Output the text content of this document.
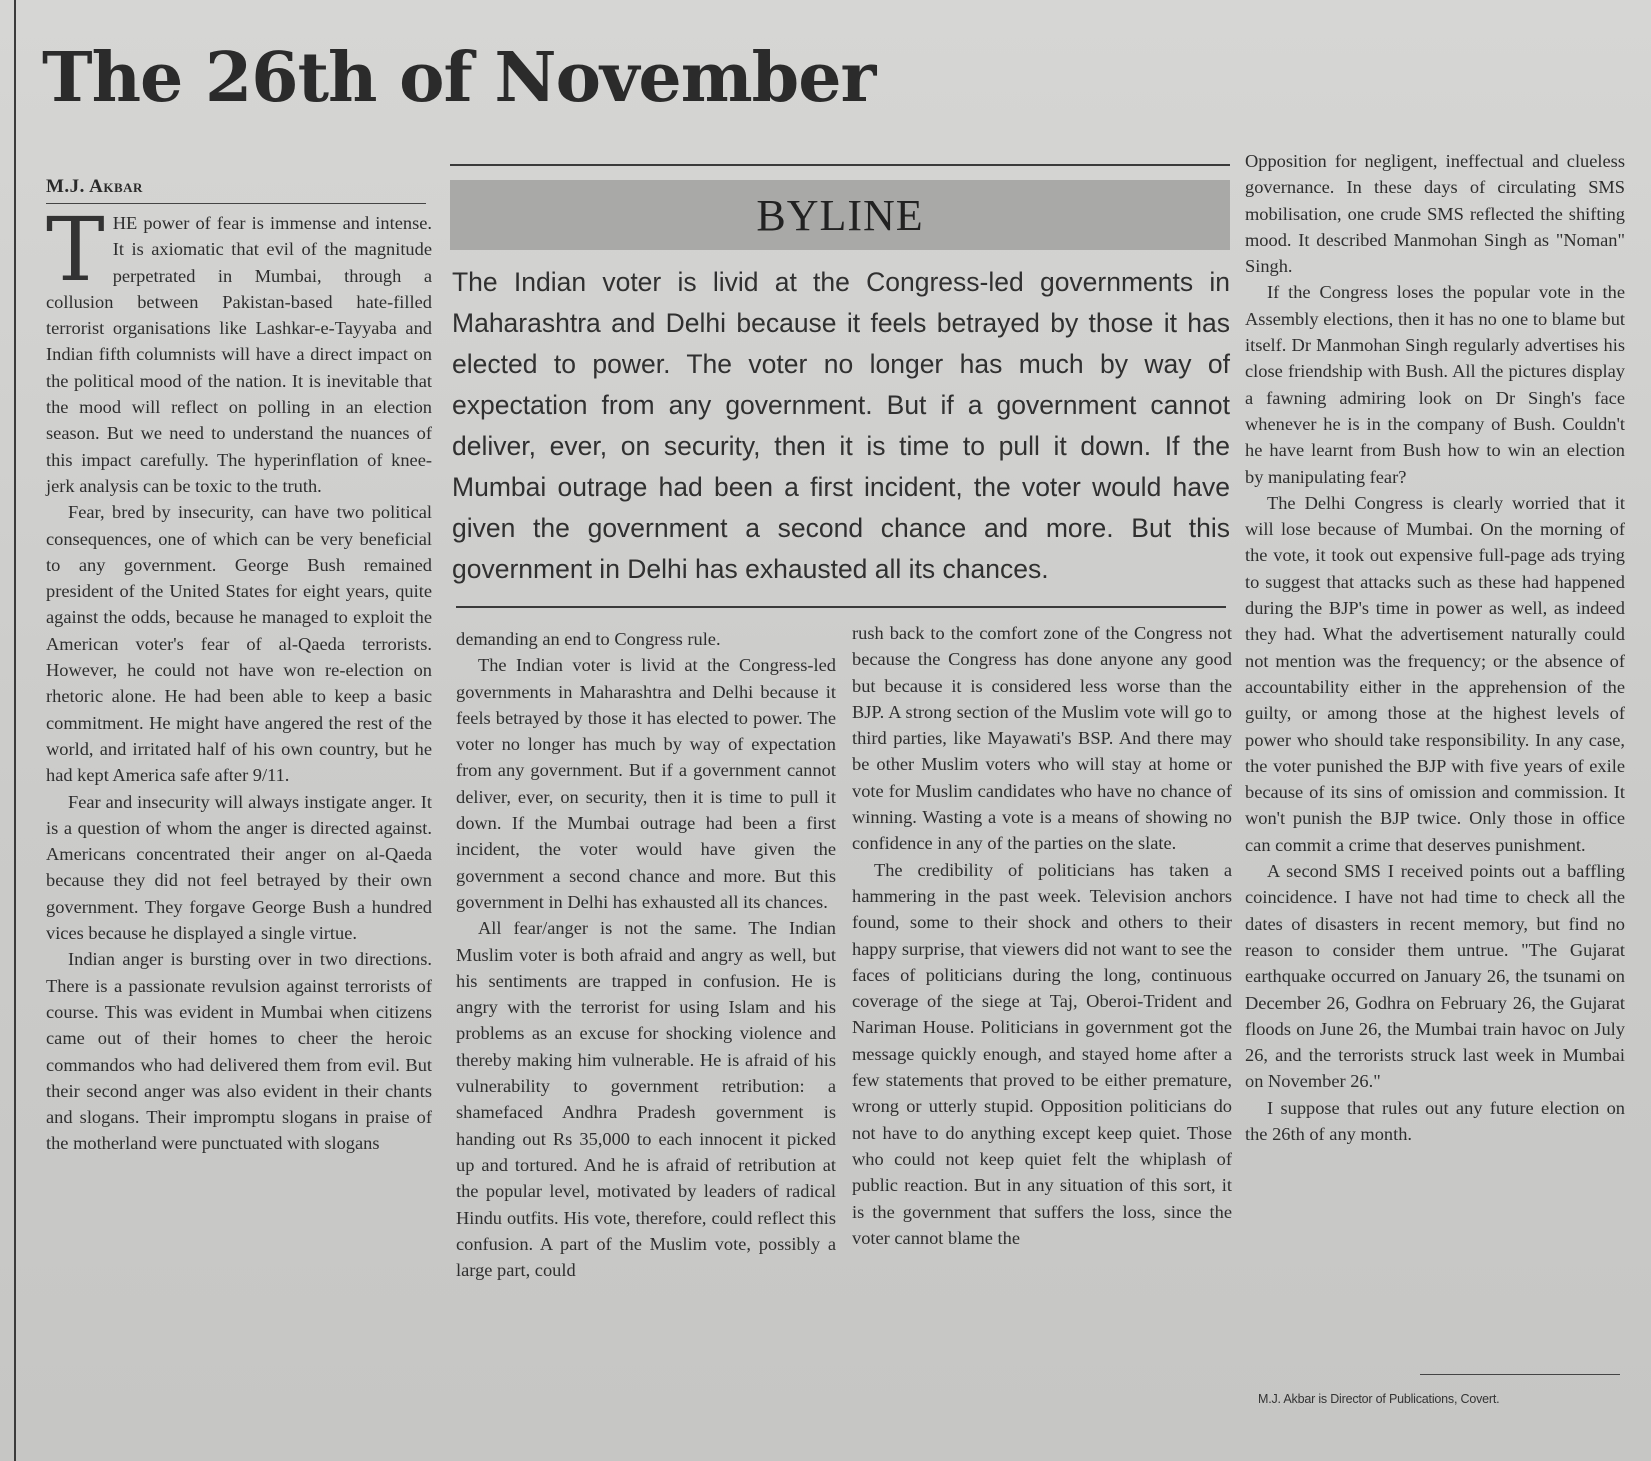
The 26th of November
M.J. Akbar

THE power of fear is immense and intense. It is axiomatic that evil of the magnitude perpetrated in Mumbai, through a collusion between Pakistan-based hate-filled terrorist organisations like Lashkar-e-Tayyaba and Indian fifth columnists will have a direct impact on the political mood of the nation. It is inevitable that the mood will reflect on polling in an election season. But we need to understand the nuances of this impact carefully. The hyperinflation of knee-jerk analysis can be toxic to the truth.

Fear, bred by insecurity, can have two political consequences, one of which can be very beneficial to any government. George Bush remained president of the United States for eight years, quite against the odds, because he managed to exploit the American voter's fear of al-Qaeda terrorists. However, he could not have won re-election on rhetoric alone. He had been able to keep a basic commitment. He might have angered the rest of the world, and irritated half of his own country, but he had kept America safe after 9/11.

Fear and insecurity will always instigate anger. It is a question of whom the anger is directed against. Americans concentrated their anger on al-Qaeda because they did not feel betrayed by their own government. They forgave George Bush a hundred vices because he displayed a single virtue.

Indian anger is bursting over in two directions. There is a passionate revulsion against terrorists of course. This was evident in Mumbai when citizens came out of their homes to cheer the heroic commandos who had delivered them from evil. But their second anger was also evident in their chants and slogans. Their impromptu slogans in praise of the motherland were punctuated with slogans

BYLINE
The Indian voter is livid at the Congress-led governments in Maharashtra and Delhi because it feels betrayed by those it has elected to power. The voter no longer has much by way of expectation from any government. But if a government cannot deliver, ever, on security, then it is time to pull it down. If the Mumbai outrage had been a first incident, the voter would have given the government a second chance and more. But this government in Delhi has exhausted all its chances.

demanding an end to Congress rule.

The Indian voter is livid at the Congress-led governments in Maharashtra and Delhi because it feels betrayed by those it has elected to power. The voter no longer has much by way of expectation from any government. But if a government cannot deliver, ever, on security, then it is time to pull it down. If the Mumbai outrage had been a first incident, the voter would have given the government a second chance and more. But this government in Delhi has exhausted all its chances.

All fear/anger is not the same. The Indian Muslim voter is both afraid and angry as well, but his sentiments are trapped in confusion. He is angry with the terrorist for using Islam and his problems as an excuse for shocking violence and thereby making him vulnerable. He is afraid of his vulnerability to government retribution: a shamefaced Andhra Pradesh government is handing out Rs 35,000 to each innocent it picked up and tortured. And he is afraid of retribution at the popular level, motivated by leaders of radical Hindu outfits. His vote, therefore, could reflect this confusion. A part of the Muslim vote, possibly a large part, could

rush back to the comfort zone of the Congress not because the Congress has done anyone any good but because it is considered less worse than the BJP. A strong section of the Muslim vote will go to third parties, like Mayawati's BSP. And there may be other Muslim voters who will stay at home or vote for Muslim candidates who have no chance of winning. Wasting a vote is a means of showing no confidence in any of the parties on the slate.

The credibility of politicians has taken a hammering in the past week. Television anchors found, some to their shock and others to their happy surprise, that viewers did not want to see the faces of politicians during the long, continuous coverage of the siege at Taj, Oberoi-Trident and Nariman House. Politicians in government got the message quickly enough, and stayed home after a few statements that proved to be either premature, wrong or utterly stupid. Opposition politicians do not have to do anything except keep quiet. Those who could not keep quiet felt the whiplash of public reaction. But in any situation of this sort, it is the government that suffers the loss, since the voter cannot blame the

Opposition for negligent, ineffectual and clueless governance. In these days of circulating SMS mobilisation, one crude SMS reflected the shifting mood. It described Manmohan Singh as "Noman" Singh.

If the Congress loses the popular vote in the Assembly elections, then it has no one to blame but itself. Dr Manmohan Singh regularly advertises his close friendship with Bush. All the pictures display a fawning admiring look on Dr Singh's face whenever he is in the company of Bush. Couldn't he have learnt from Bush how to win an election by manipulating fear?

The Delhi Congress is clearly worried that it will lose because of Mumbai. On the morning of the vote, it took out expensive full-page ads trying to suggest that attacks such as these had happened during the BJP's time in power as well, as indeed they had. What the advertisement naturally could not mention was the frequency; or the absence of accountability either in the apprehension of the guilty, or among those at the highest levels of power who should take responsibility. In any case, the voter punished the BJP with five years of exile because of its sins of omission and commission. It won't punish the BJP twice. Only those in office can commit a crime that deserves punishment.

A second SMS I received points out a baffling coincidence. I have not had time to check all the dates of disasters in recent memory, but find no reason to consider them untrue. "The Gujarat earthquake occurred on January 26, the tsunami on December 26, Godhra on February 26, the Gujarat floods on June 26, the Mumbai train havoc on July 26, and the terrorists struck last week in Mumbai on November 26."

I suppose that rules out any future election on the 26th of any month.

M.J. Akbar is Director of Publications, Covert.
